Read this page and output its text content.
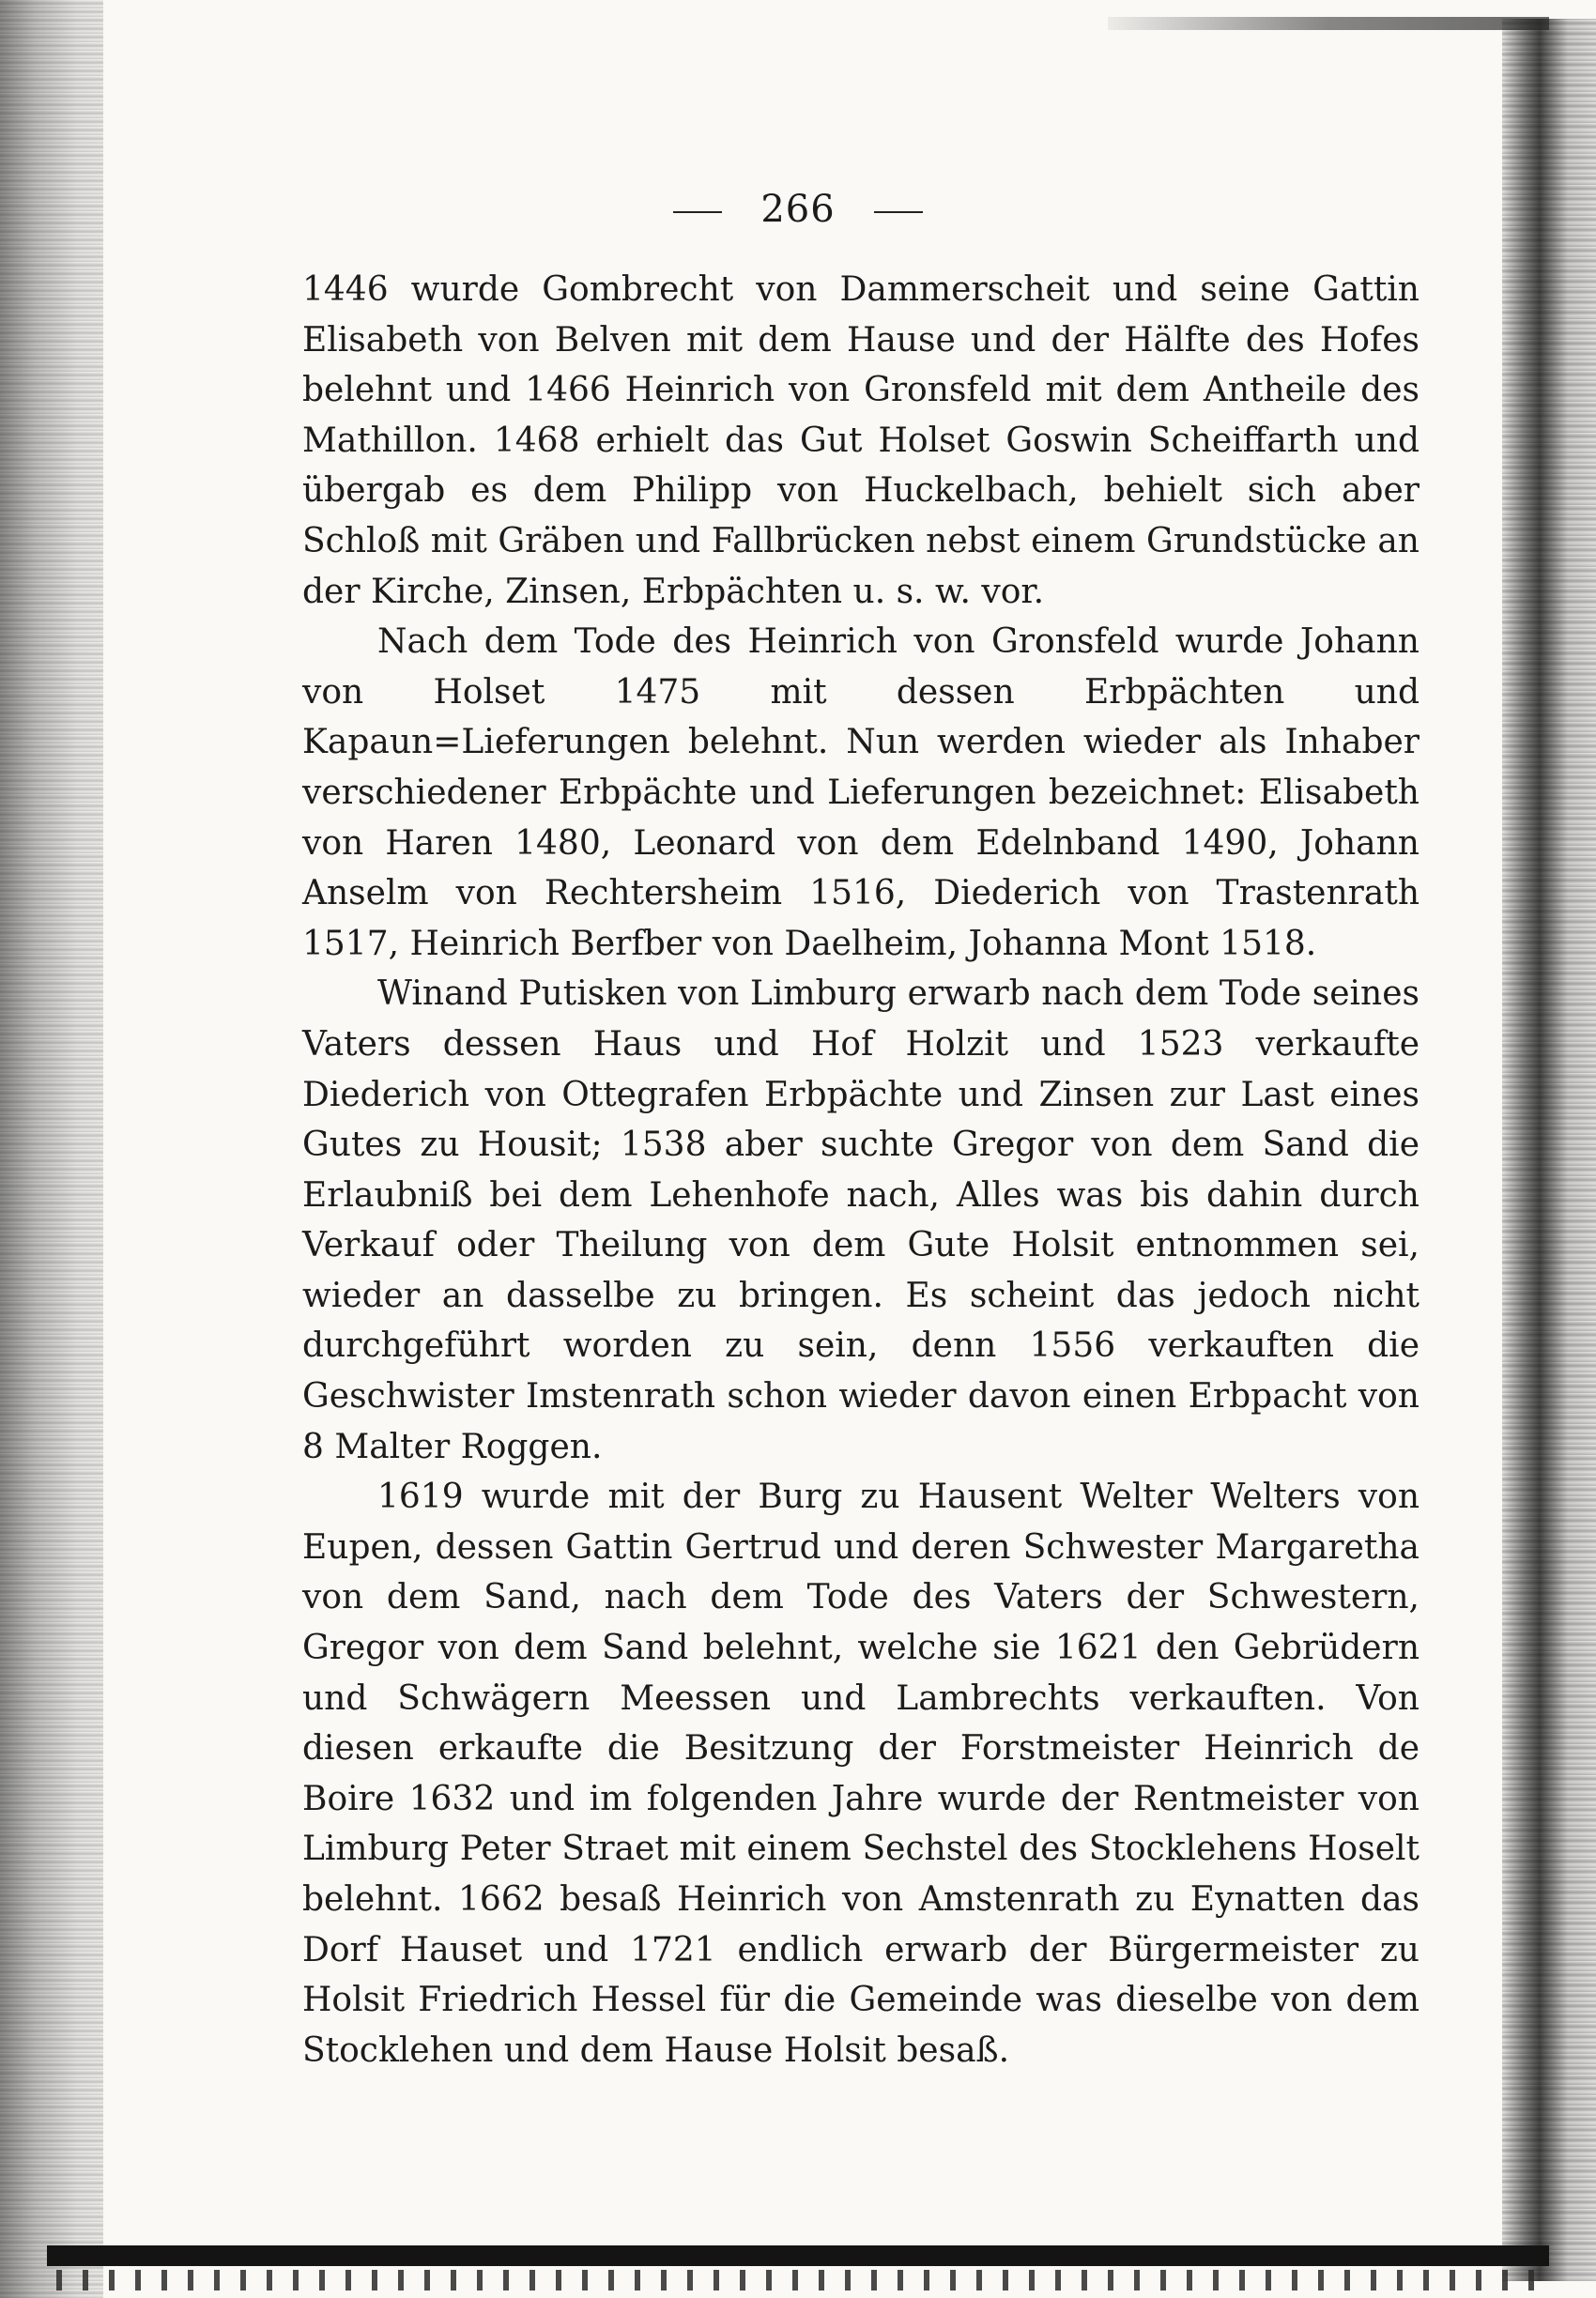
266

1446 wurde Gombrecht von Dammerscheit und seine Gattin Elisabeth von Belven mit dem Hause und der Hälfte des Hofes belehnt und 1466 Heinrich von Gronsfeld mit dem Antheile des Mathillon. 1468 erhielt das Gut Holset Goswin Scheiffarth und übergab es dem Philipp von Huckelbach, behielt sich aber Schloß mit Gräben und Fallbrücken nebst einem Grundstücke an der Kirche, Zinsen, Erbpächten u. s. w. vor.

Nach dem Tode des Heinrich von Gronsfeld wurde Johann von Holset 1475 mit dessen Erbpächten und Kapaun=Lieferungen belehnt. Nun werden wieder als Inhaber verschiedener Erbpächte und Lieferungen bezeichnet: Elisabeth von Haren 1480, Leonard von dem Edelnband 1490, Johann Anselm von Rechtersheim 1516, Diederich von Trastenrath 1517, Heinrich Berfber von Daelheim, Johanna Mont 1518.

Winand Putisken von Limburg erwarb nach dem Tode seines Vaters dessen Haus und Hof Holzit und 1523 verkaufte Diederich von Ottegrafen Erbpächte und Zinsen zur Last eines Gutes zu Housit; 1538 aber suchte Gregor von dem Sand die Erlaubniß bei dem Lehenhofe nach, Alles was bis dahin durch Verkauf oder Theilung von dem Gute Holsit entnommen sei, wieder an dasselbe zu bringen. Es scheint das jedoch nicht durchgeführt worden zu sein, denn 1556 verkauften die Geschwister Imstenrath schon wieder davon einen Erbpacht von 8 Malter Roggen.

1619 wurde mit der Burg zu Hausent Welter Welters von Eupen, dessen Gattin Gertrud und deren Schwester Margaretha von dem Sand, nach dem Tode des Vaters der Schwestern, Gregor von dem Sand belehnt, welche sie 1621 den Gebrüdern und Schwägern Meessen und Lambrechts verkauften. Von diesen erkaufte die Besitzung der Forstmeister Heinrich de Boire 1632 und im folgenden Jahre wurde der Rentmeister von Limburg Peter Straet mit einem Sechstel des Stocklehens Hoselt belehnt. 1662 besaß Heinrich von Amstenrath zu Eynatten das Dorf Hauset und 1721 endlich erwarb der Bürgermeister zu Holsit Friedrich Hessel für die Gemeinde was dieselbe von dem Stocklehen und dem Hause Holsit besaß.
